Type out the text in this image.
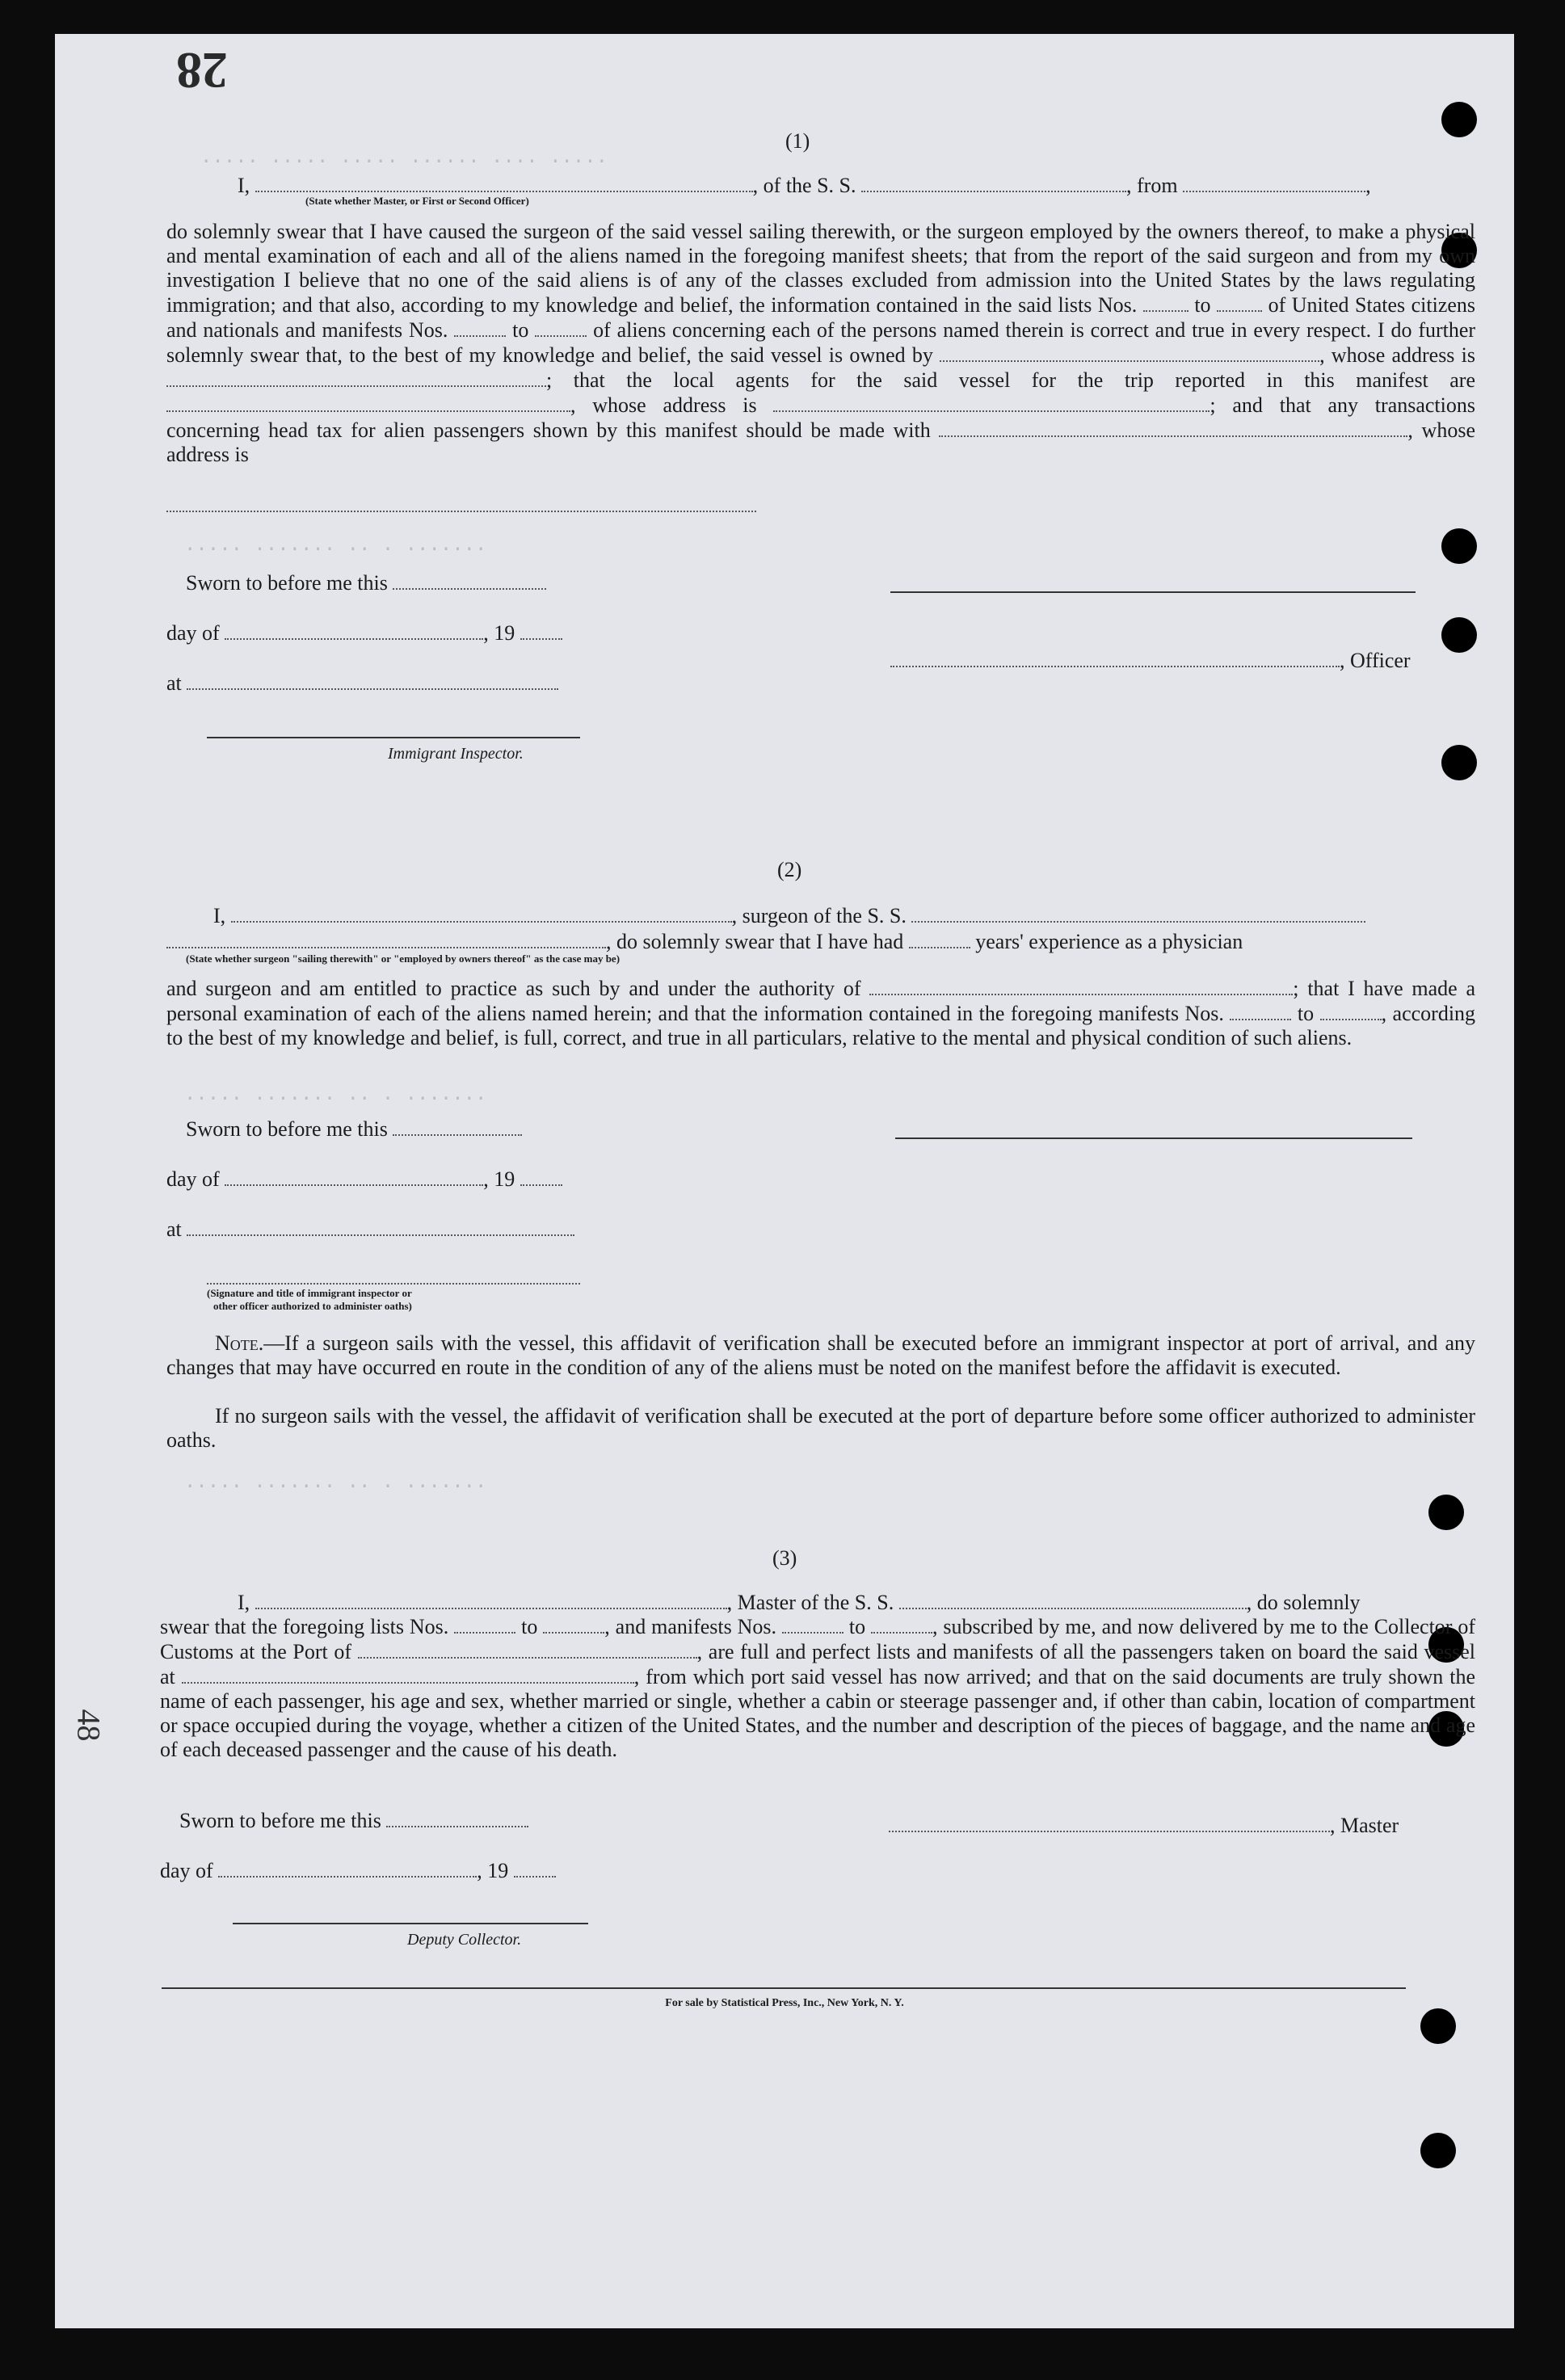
..... ..... ..... ...... .... .....
..... ....... .. . .......
..... ....... .. . .......
..... ....... .. . .......
28
48
(1)
I,	, of the S. S.	, from	,
(State whether Master, or First or Second Officer)
do solemnly swear that I have caused the surgeon of the said vessel sailing therewith, or the surgeon employed by the owners thereof, to make a physical and mental examination of each and all of the aliens named in the foregoing manifest sheets; that from the report of the said surgeon and from my own investigation I believe that no one of the said aliens is of any of the classes excluded from admission into the United States by the laws regulating immigration; and that also, according to my knowledge and belief, the information contained in the said lists Nos.	to	of United States citizens and nationals and manifests Nos.	to	of aliens concerning each of the persons named therein is correct and true in every respect. I do further solemnly swear that, to the best of my knowledge and belief, the said vessel is owned by	, whose address is ; that the local agents for the said vessel for the trip reported in this manifest are , whose address is	; and that any transactions concerning head tax for alien passengers shown by this manifest should be made with	, whose address is
Sworn to before me this
day of	, 19
, Officer
at
Immigrant Inspector.
(2)
I,	, surgeon of the S. S.
, do solemnly swear that I have had	years' experience as a physician
(State whether surgeon "sailing therewith" or "employed by owners thereof" as the case may be)
and surgeon and am entitled to practice as such by and under the authority of	; that I have made a personal examination of each of the aliens named herein; and that the information contained in the foregoing manifests Nos.	to	, according to the best of my knowledge and belief, is full, correct, and true in all particulars, relative to the mental and physical condition of such aliens.
Sworn to before me this
day of	, 19
at
(Signature and title of immigrant inspector or
other officer authorized to administer oaths)
Note.—If a surgeon sails with the vessel, this affidavit of verification shall be executed before an immigrant inspector at port of arrival, and any changes that may have occurred en route in the condition of any of the aliens must be noted on the manifest before the affidavit is executed.
If no surgeon sails with the vessel, the affidavit of verification shall be executed at the port of departure before some officer authorized to administer oaths.
(3)
I,	, Master of the S. S.	, do solemnly
swear that the foregoing lists Nos.	to	, and manifests Nos.	to	, subscribed by me, and now delivered by me to the Collector of Customs at the Port of	, are full and perfect lists and manifests of all the passengers taken on board the said vessel at	, from which port said vessel has now arrived; and that on the said documents are truly shown the name of each passenger, his age and sex, whether married or single, whether a cabin or steerage passenger and, if other than cabin, location of compartment or space occupied during the voyage, whether a citizen of the United States, and the number and description of the pieces of baggage, and the name and age of each deceased passenger and the cause of his death.
Sworn to before me this	, Master
day of	, 19
Deputy Collector.
For sale by Statistical Press, Inc., New York, N. Y.
